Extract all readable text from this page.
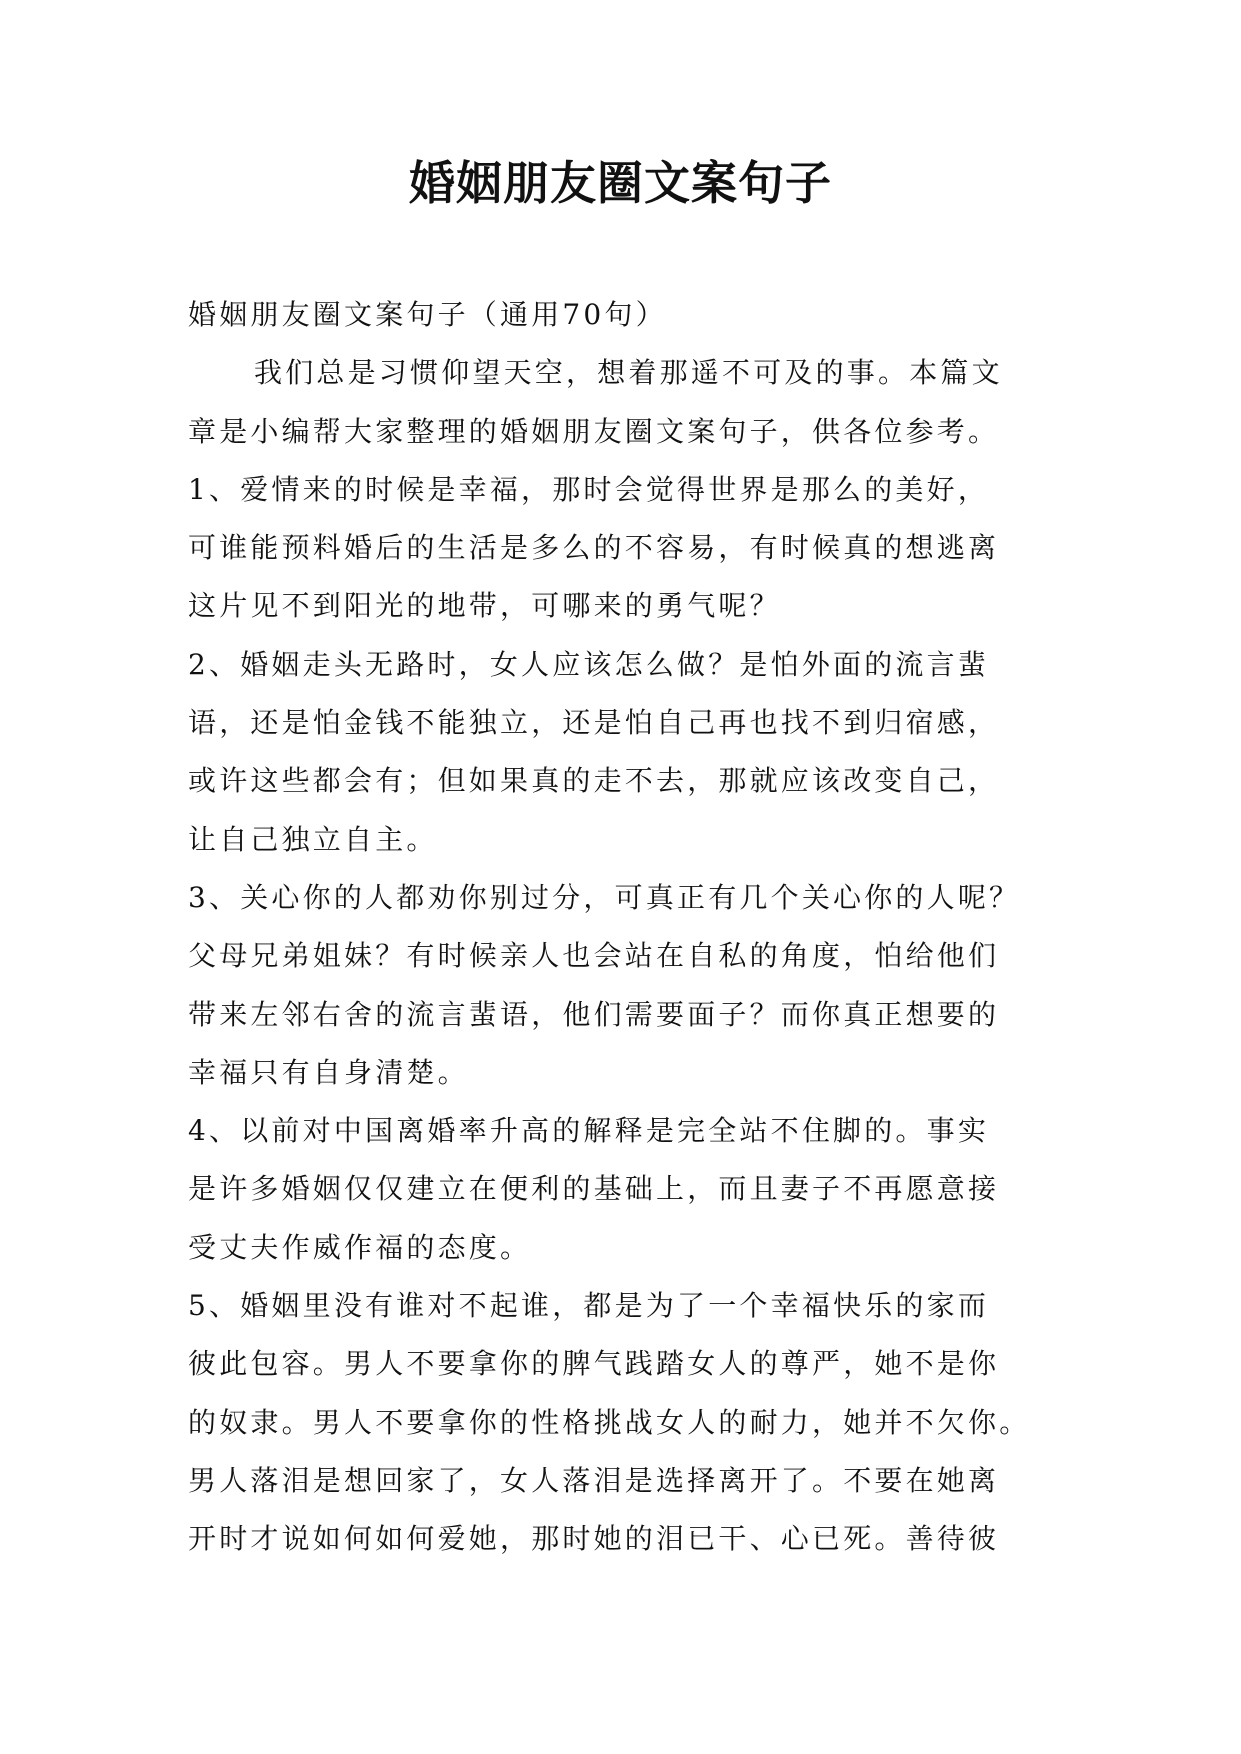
婚姻朋友圈文案句子
婚姻朋友圈文案句子（通用70句）
我们总是习惯仰望天空，想着那遥不可及的事。本篇文
章是小编帮大家整理的婚姻朋友圈文案句子，供各位参考。
1、爱情来的时候是幸福，那时会觉得世界是那么的美好，
可谁能预料婚后的生活是多么的不容易，有时候真的想逃离
这片见不到阳光的地带，可哪来的勇气呢？
2、婚姻走头无路时，女人应该怎么做？是怕外面的流言蜚
语，还是怕金钱不能独立，还是怕自己再也找不到归宿感，
或许这些都会有；但如果真的走不去，那就应该改变自己，
让自己独立自主。
3、关心你的人都劝你别过分，可真正有几个关心你的人呢？
父母兄弟姐妹？有时候亲人也会站在自私的角度，怕给他们
带来左邻右舍的流言蜚语，他们需要面子？而你真正想要的
幸福只有自身清楚。
4、以前对中国离婚率升高的解释是完全站不住脚的。事实
是许多婚姻仅仅建立在便利的基础上，而且妻子不再愿意接
受丈夫作威作福的态度。
5、婚姻里没有谁对不起谁，都是为了一个幸福快乐的家而
彼此包容。男人不要拿你的脾气践踏女人的尊严，她不是你
的奴隶。男人不要拿你的性格挑战女人的耐力，她并不欠你。
男人落泪是想回家了，女人落泪是选择离开了。不要在她离
开时才说如何如何爱她，那时她的泪已干、心已死。善待彼
